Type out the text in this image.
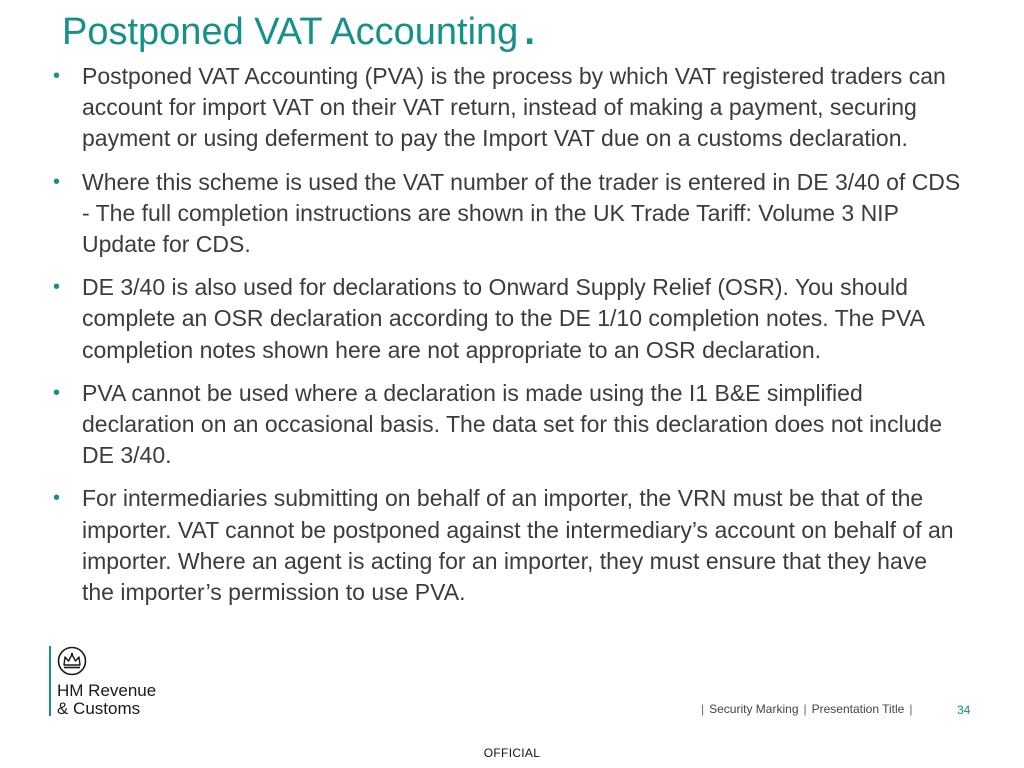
Postponed VAT Accounting .
• Postponed VAT Accounting (PVA) is the process by which VAT registered traders can account for import VAT on their VAT return, instead of making a payment, securing payment or using deferment to pay the Import VAT due on a customs declaration.
• Where this scheme is used the VAT number of the trader is entered in DE 3/40 of CDS - The full completion instructions are shown in the UK Trade Tariff: Volume 3 NIP Update for CDS.
• DE 3/40 is also used for declarations to Onward Supply Relief (OSR). You should complete an OSR declaration according to the DE 1/10 completion notes. The PVA completion notes shown here are not appropriate to an OSR declaration.
• PVA cannot be used where a declaration is made using the I1 B&E simplified declaration on an occasional basis. The data set for this declaration does not include DE 3/40.
• For intermediaries submitting on behalf of an importer, the VRN must be that of the importer. VAT cannot be postponed against the intermediary’s account on behalf of an importer. Where an agent is acting for an importer, they must ensure that they have the importer’s permission to use PVA.
HM Revenue
& Customs	| Security Marking | Presentation Title |	34
OFFICIAL
